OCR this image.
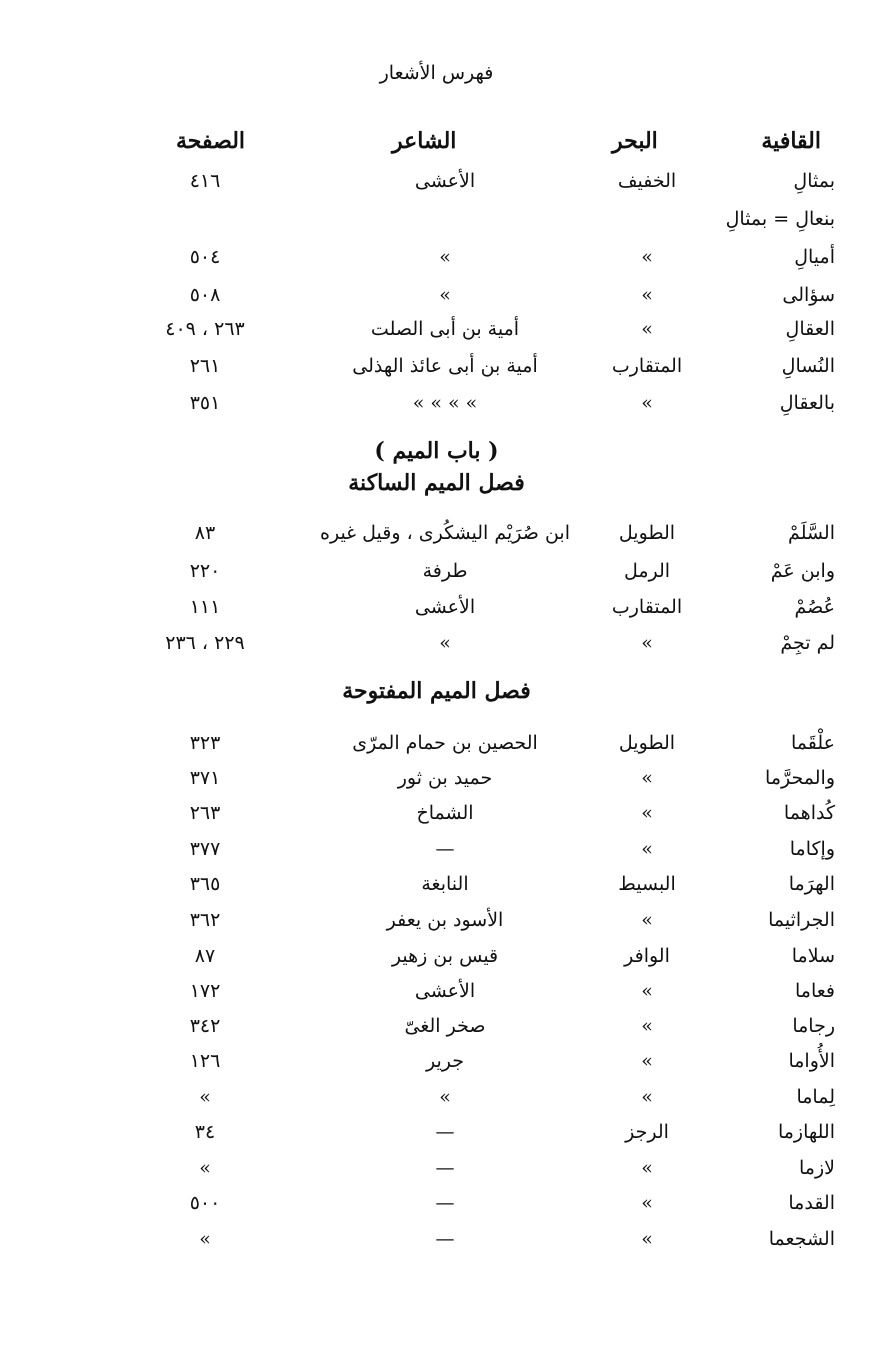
فهرس الأشعار
القافية
البحر
الشاعر
الصفحة
بمثالِ
الخفيف
الأعشى
٤١٦
بنعالِ = بمثالِ
أميالِ
»
»
٥٠٤
سؤالى
»
»
٥٠٨
العقالِ
»
أمية بن أبى الصلت
٢٦٣ ، ٤٠٩
النُسالِ
المتقارب
أمية بن أبى عائذ الهذلى
٢٦١
بالعقالِ
»
» » » »
٣٥١
( باب الميم )
فصل الميم الساكنة
السَّلَمْ
الطويل
ابن صُرَيْم اليشكُرى ، وقيل غيره
٨٣
وابن عَمْ
الرمل
طرفة
٢٢٠
عُصُمْ
المتقارب
الأعشى
١١١
لم تجِمْ
»
»
٢٢٩ ، ٢٣٦
فصل الميم المفتوحة
علْقَما
الطويل
الحصين بن حمام المرّى
٣٢٣
والمحرَّما
»
حميد بن ثور
٣٧١
كُداهما
»
الشماخ
٢٦٣
وإكاما
»
—
٣٧٧
الهرَما
البسيط
النابغة
٣٦٥
الجراثيما
»
الأسود بن يعفر
٣٦٢
سلاما
الوافر
قيس بن زهير
٨٧
فعاما
»
الأعشى
١٧٢
رجاما
»
صخر الغىّ
٣٤٢
الأُواما
»
جرير
١٢٦
لِماما
»
»
»
اللهازما
الرجز
—
٣٤
لازما
»
—
»
القدما
»
—
٥٠٠
الشجعما
»
—
»
